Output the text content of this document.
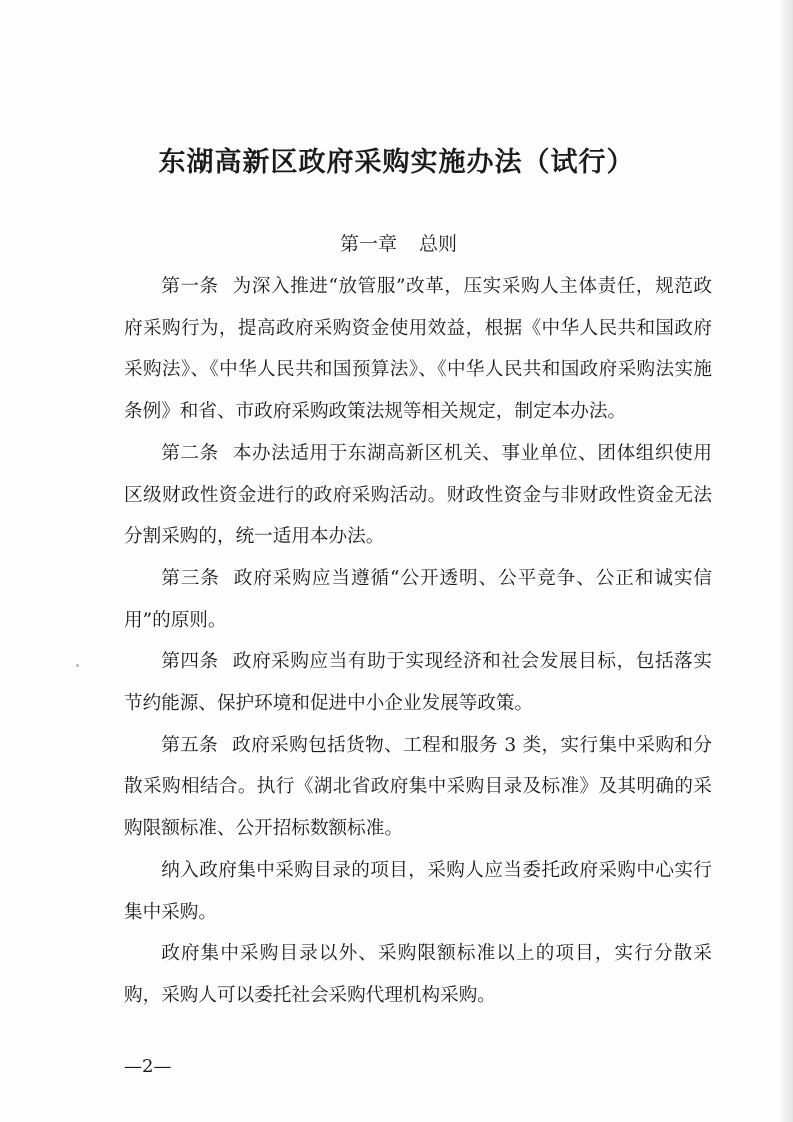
东湖高新区政府采购实施办法（试行）
第一章 总则

第一条 为深入推进“放管服”改革，压实采购人主体责任，规范政府采购行为，提高政府采购资金使用效益，根据《中华人民共和国政府采购法》、《中华人民共和国预算法》、《中华人民共和国政府采购法实施条例》和省、市政府采购政策法规等相关规定，制定本办法。

第二条 本办法适用于东湖高新区机关、事业单位、团体组织使用区级财政性资金进行的政府采购活动。财政性资金与非财政性资金无法分割采购的，统一适用本办法。

第三条 政府采购应当遵循“公开透明、公平竞争、公正和诚实信用”的原则。

第四条 政府采购应当有助于实现经济和社会发展目标，包括落实节约能源、保护环境和促进中小企业发展等政策。

第五条 政府采购包括货物、工程和服务 3 类，实行集中采购和分散采购相结合。执行《湖北省政府集中采购目录及标准》及其明确的采购限额标准、公开招标数额标准。

纳入政府集中采购目录的项目，采购人应当委托政府采购中心实行集中采购。

政府集中采购目录以外、采购限额标准以上的项目，实行分散采购，采购人可以委托社会采购代理机构采购。

—2—
